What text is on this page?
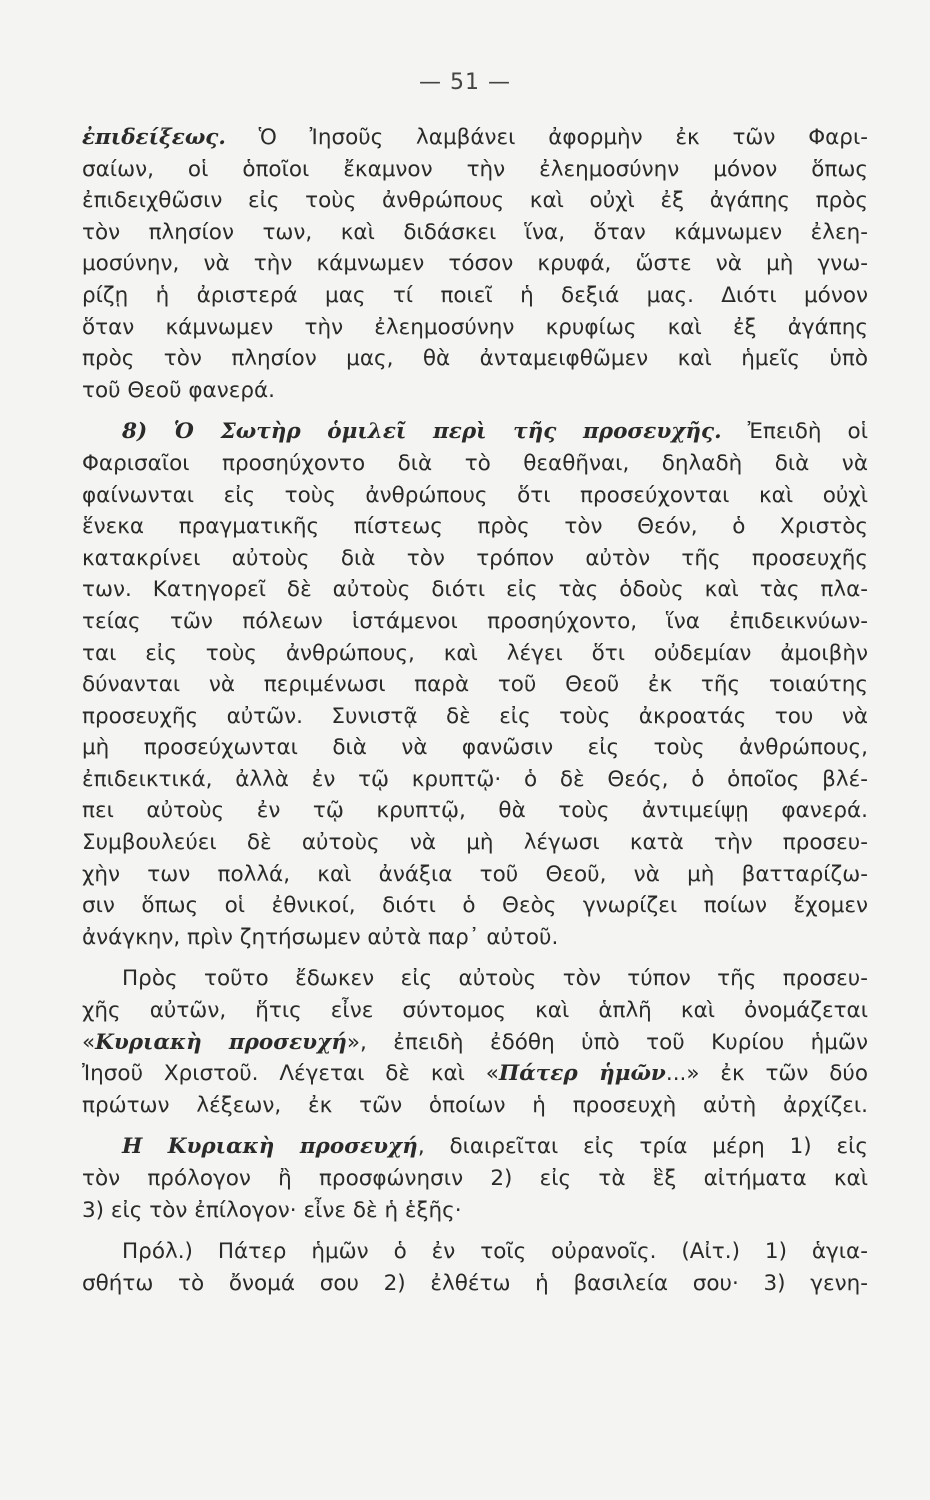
— 51 —
ἐπιδείξεως. Ὁ Ἰησοῦς λαμβάνει ἀφορμὴν ἐκ τῶν Φαρι-
σαίων, οἱ ὁποῖοι ἔκαμνον τὴν ἐλεημοσύνην μόνον ὅπως
ἐπιδειχθῶσιν εἰς τοὺς ἀνθρώπους καὶ οὐχὶ ἐξ ἀγάπης πρὸς
τὸν πλησίον των, καὶ διδάσκει ἵνα, ὅταν κάμνωμεν ἐλεη-
μοσύνην, νὰ τὴν κάμνωμεν τόσον κρυφά, ὥστε νὰ μὴ γνω-
ρίζῃ ἡ ἀριστερά μας τί ποιεῖ ἡ δεξιά μας. Διότι μόνον
ὅταν κάμνωμεν τὴν ἐλεημοσύνην κρυφίως καὶ ἐξ ἀγάπης
πρὸς τὸν πλησίον μας, θὰ ἀνταμειφθῶμεν καὶ ἡμεῖς ὑπὸ
τοῦ Θεοῦ φανερά.
8) Ὁ Σωτὴρ ὁμιλεῖ περὶ τῆς προσευχῆς. Ἐπειδὴ οἱ
Φαρισαῖοι προσηύχοντο διὰ τὸ θεαθῆναι, δηλαδὴ διὰ νὰ
φαίνωνται εἰς τοὺς ἀνθρώπους ὅτι προσεύχονται καὶ οὐχὶ
ἕνεκα πραγματικῆς πίστεως πρὸς τὸν Θεόν, ὁ Χριστὸς
κατακρίνει αὐτοὺς διὰ τὸν τρόπον αὐτὸν τῆς προσευχῆς
των. Κατηγορεῖ δὲ αὐτοὺς διότι εἰς τὰς ὁδοὺς καὶ τὰς πλα-
τείας τῶν πόλεων ἱστάμενοι προσηύχοντο, ἵνα ἐπιδεικνύων-
ται εἰς τοὺς ἀνθρώπους, καὶ λέγει ὅτι οὐδεμίαν ἀμοιβὴν
δύνανται νὰ περιμένωσι παρὰ τοῦ Θεοῦ ἐκ τῆς τοιαύτης
προσευχῆς αὐτῶν. Συνιστᾷ δὲ εἰς τοὺς ἀκροατάς του νὰ
μὴ προσεύχωνται διὰ νὰ φανῶσιν εἰς τοὺς ἀνθρώπους,
ἐπιδεικτικά, ἀλλὰ ἐν τῷ κρυπτῷ· ὁ δὲ Θεός, ὁ ὁποῖος βλέ-
πει αὐτοὺς ἐν τῷ κρυπτῷ, θὰ τοὺς ἀντιμείψῃ φανερά.
Συμβουλεύει δὲ αὐτοὺς νὰ μὴ λέγωσι κατὰ τὴν προσευ-
χὴν των πολλά, καὶ ἀνάξια τοῦ Θεοῦ, νὰ μὴ βατταρίζω-
σιν ὅπως οἱ ἐθνικοί, διότι ὁ Θεὸς γνωρίζει ποίων ἔχομεν
ἀνάγκην, πρὶν ζητήσωμεν αὐτὰ παρ᾽ αὐτοῦ.
Πρὸς τοῦτο ἔδωκεν εἰς αὐτοὺς τὸν τύπον τῆς προσευ-
χῆς αὐτῶν, ἥτις εἶνε σύντομος καὶ ἁπλῆ καὶ ὀνομάζεται
«Κυριακὴ προσευχή», ἐπειδὴ ἐδόθη ὑπὸ τοῦ Κυρίου ἡμῶν
Ἰησοῦ Χριστοῦ. Λέγεται δὲ καὶ «Πάτερ ἡμῶν...» ἐκ τῶν δύο
πρώτων λέξεων, ἐκ τῶν ὁποίων ἡ προσευχὴ αὐτὴ ἀρχίζει.
Η Κυριακὴ προσευχή, διαιρεῖται εἰς τρία μέρη 1) εἰς
τὸν πρόλογον ἢ προσφώνησιν 2) εἰς τὰ ἓξ αἰτήματα καὶ
3) εἰς τὸν ἐπίλογον· εἶνε δὲ ἡ ἑξῆς·
Πρόλ.) Πάτερ ἡμῶν ὁ ἐν τοῖς οὐρανοῖς. (Αἰτ.) 1) ἁγια-
σθήτω τὸ ὄνομά σου 2) ἐλθέτω ἡ βασιλεία σου· 3) γενη-
